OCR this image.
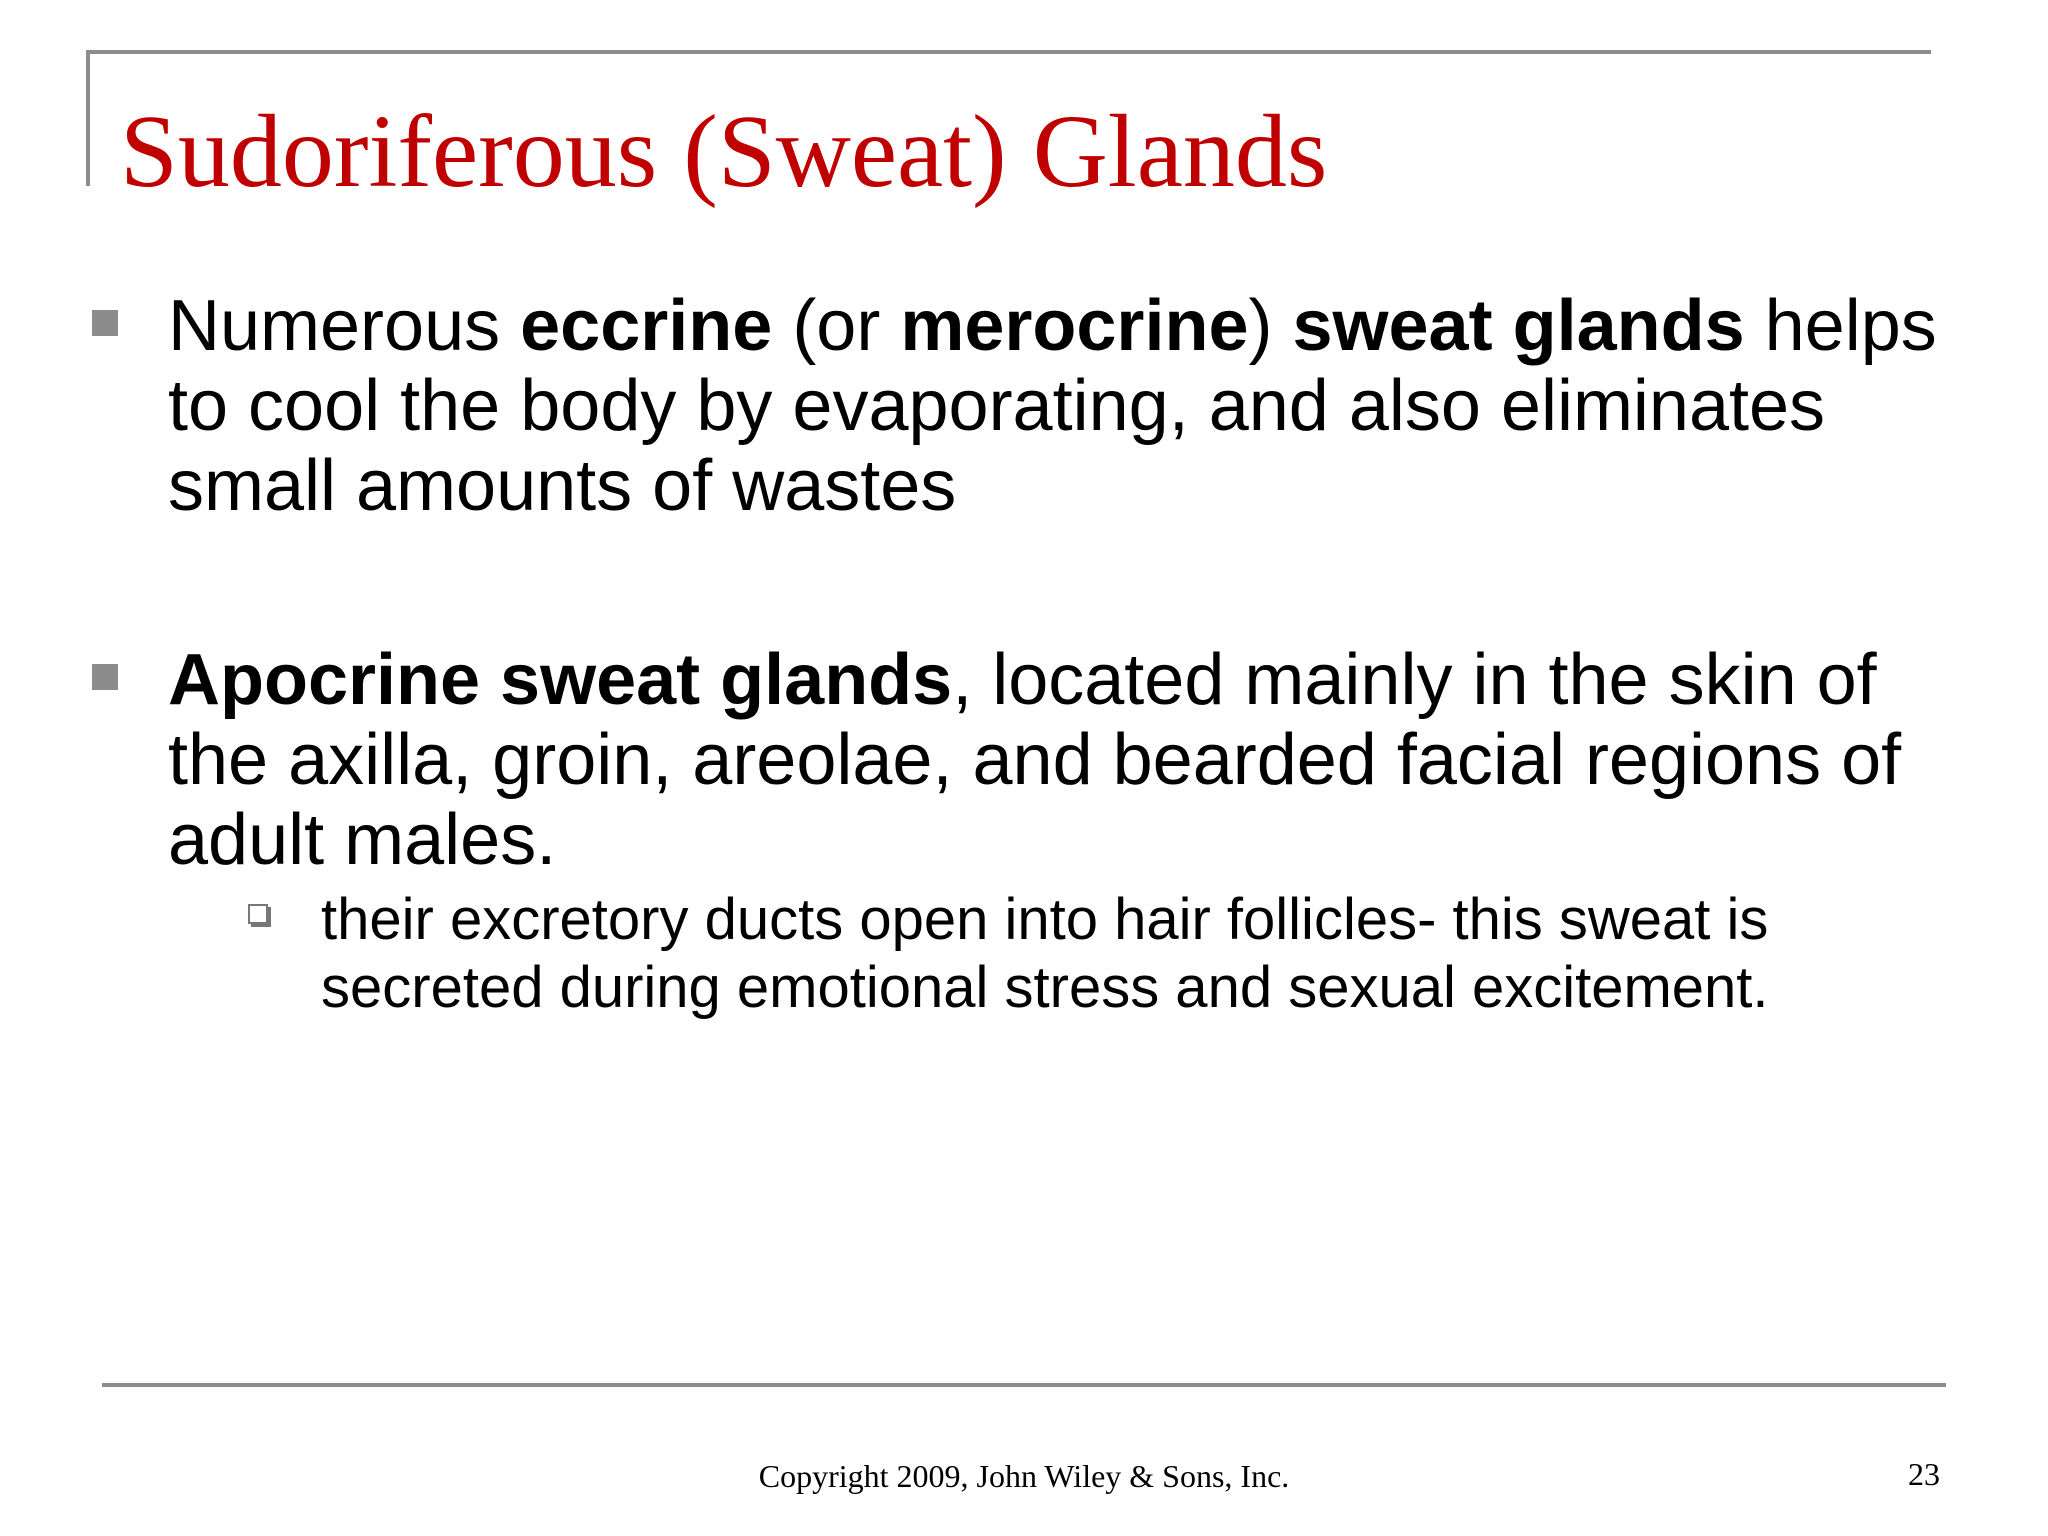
Sudoriferous (Sweat) Glands
Numerous eccrine (or merocrine) sweat glands helps to cool the body by evaporating, and also eliminates small amounts of wastes
Apocrine sweat glands, located mainly in the skin of the axilla, groin, areolae, and bearded facial regions of adult males.
their excretory ducts open into hair follicles- this sweat is secreted during emotional stress and sexual excitement.
Copyright 2009, John Wiley & Sons, Inc.	23
